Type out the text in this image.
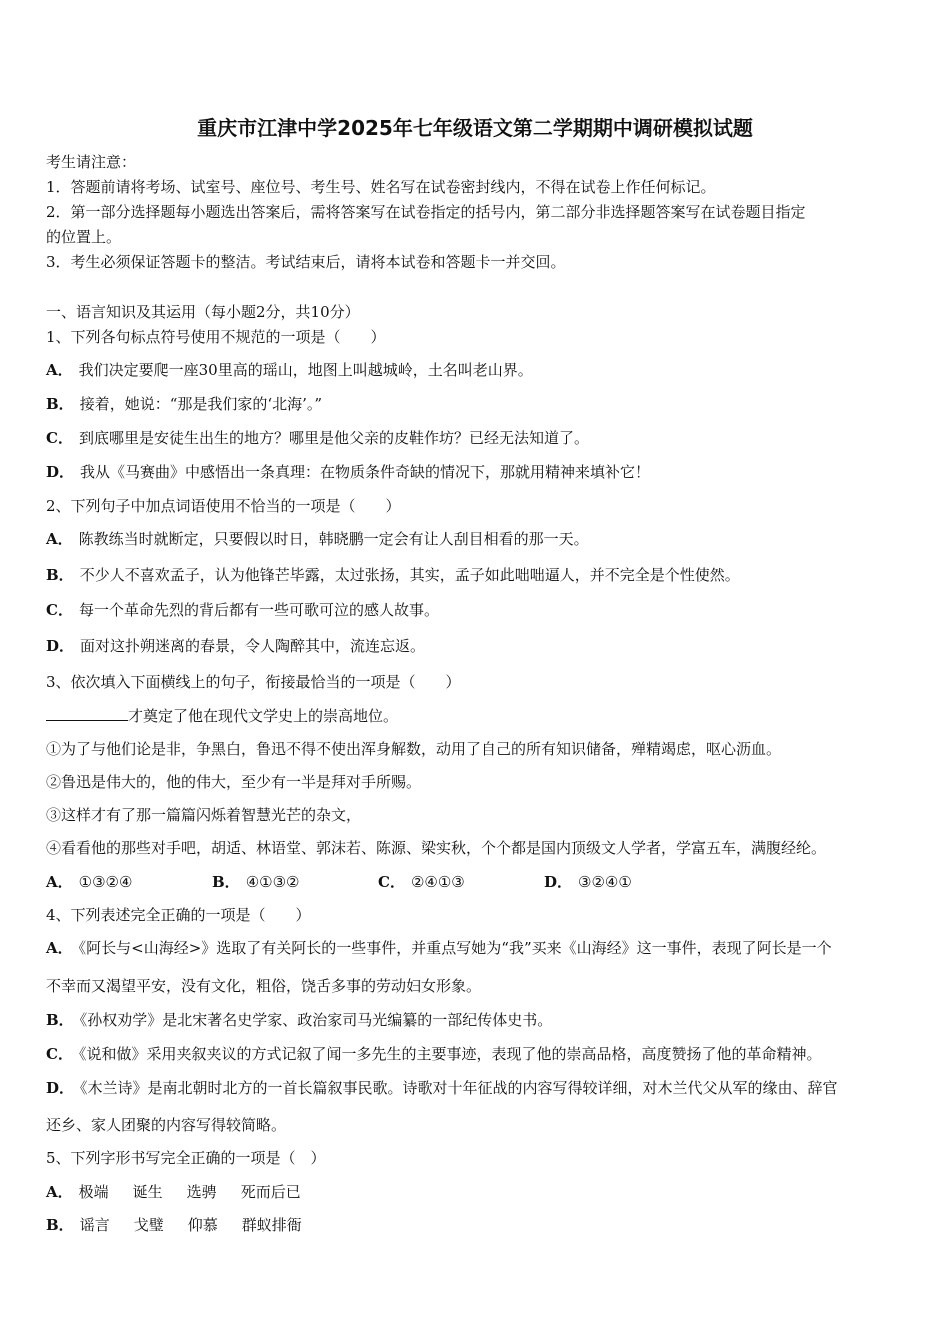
重庆市江津中学2025年七年级语文第二学期期中调研模拟试题
考生请注意：
1．答题前请将考场、试室号、座位号、考生号、姓名写在试卷密封线内，不得在试卷上作任何标记。
2．第一部分选择题每小题选出答案后，需将答案写在试卷指定的括号内，第二部分非选择题答案写在试卷题目指定
的位置上。
3．考生必须保证答题卡的整洁。考试结束后，请将本试卷和答题卡一并交回。
一、语言知识及其运用（每小题2分，共10分）
1、下列各句标点符号使用不规范的一项是（　　）
A． 我们决定要爬一座30里高的瑶山，地图上叫越城岭，土名叫老山界。
B． 接着，她说：“那是我们家的‘北海’。”
C． 到底哪里是安徒生出生的地方？哪里是他父亲的皮鞋作坊？已经无法知道了。
D． 我从《马赛曲》中感悟出一条真理：在物质条件奇缺的情况下，那就用精神来填补它！
2、下列句子中加点词语使用不恰当的一项是（　　）
A． 陈教练当时就断定，只要假以时日，韩晓鹏一定会有让人刮目相看的那一天。
B． 不少人不喜欢孟子，认为他锋芒毕露，太过张扬，其实，孟子如此咄咄逼人，并不完全是个性使然。
C． 每一个革命先烈的背后都有一些可歌可泣的感人故事。
D． 面对这扑朔迷离的春景，令人陶醉其中，流连忘返。
3、依次填入下面横线上的句子，衔接最恰当的一项是（　　）
才奠定了他在现代文学史上的崇高地位。
①为了与他们论是非，争黑白，鲁迅不得不使出浑身解数，动用了自己的所有知识储备，殚精竭虑，呕心沥血。
②鲁迅是伟大的，他的伟大，至少有一半是拜对手所赐。
③这样才有了那一篇篇闪烁着智慧光芒的杂文，
④看看他的那些对手吧，胡适、林语堂、郭沫若、陈源、梁实秋，个个都是国内顶级文人学者，学富五车，满腹经纶。
A． ①③②④	B． ④①③②	C． ②④①③	D． ③②④①
4、下列表述完全正确的一项是（　　）
A． 《阿长与<山海经>》选取了有关阿长的一些事件，并重点写她为“我”买来《山海经》这一事件，表现了阿长是一个
不幸而又渴望平安，没有文化，粗俗，饶舌多事的劳动妇女形象。
B． 《孙权劝学》是北宋著名史学家、政治家司马光编纂的一部纪传体史书。
C． 《说和做》采用夹叙夹议的方式记叙了闻一多先生的主要事迹，表现了他的崇高品格，高度赞扬了他的革命精神。
D． 《木兰诗》是南北朝时北方的一首长篇叙事民歌。诗歌对十年征战的内容写得较详细，对木兰代父从军的缘由、辞官
还乡、家人团聚的内容写得较简略。
5、下列字形书写完全正确的一项是（　）
A． 极端 诞生 选骋 死而后已
B． 谣言 戈璧 仰慕 群蚁排衙
